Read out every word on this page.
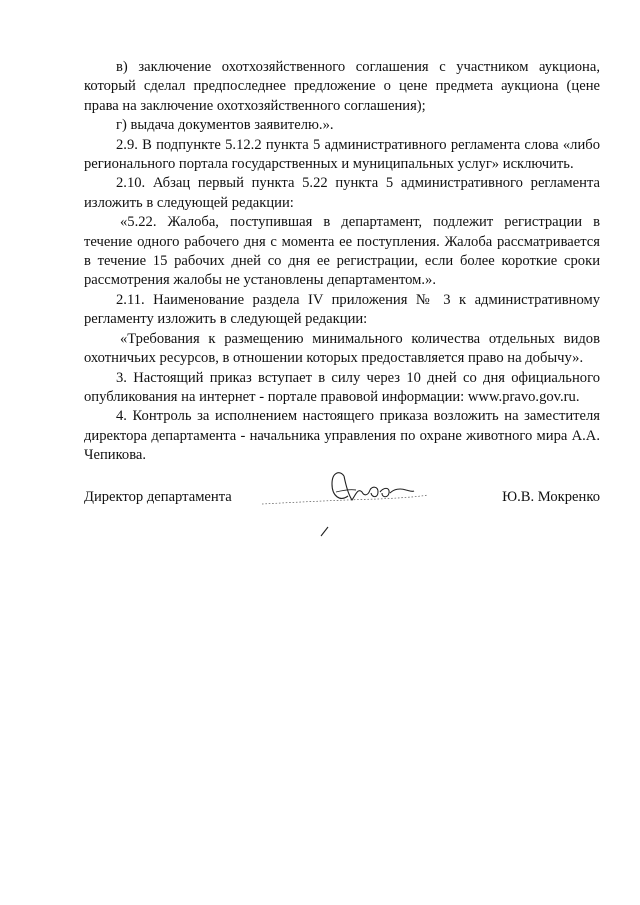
в) заключение охотхозяйственного соглашения с участником аукциона, который сделал предпоследнее предложение о цене предмета аукциона (цене права на заключение охотхозяйственного соглашения);

г) выдача документов заявителю.».

2.9. В подпункте 5.12.2 пункта 5 административного регламента слова «либо регионального портала государственных и муниципальных услуг» исключить.

2.10. Абзац первый пункта 5.22 пункта 5 административного регламента изложить в следующей редакции:

«5.22. Жалоба, поступившая в департамент, подлежит регистрации в течение одного рабочего дня с момента ее поступления. Жалоба рассматривается в течение 15 рабочих дней со дня ее регистрации, если более короткие сроки рассмотрения жалобы не установлены департаментом.».

2.11. Наименование раздела IV приложения № 3 к административному регламенту изложить в следующей редакции:

«Требования к размещению минимального количества отдельных видов охотничьих ресурсов, в отношении которых предоставляется право на добычу».

3. Настоящий приказ вступает в силу через 10 дней со дня официального опубликования на интернет - портале правовой информации: www.pravo.gov.ru.

4. Контроль за исполнением настоящего приказа возложить на заместителя директора департамента - начальника управления по охране животного мира А.А. Чепикова.

Директор департамента	Ю.В. Мокренко
